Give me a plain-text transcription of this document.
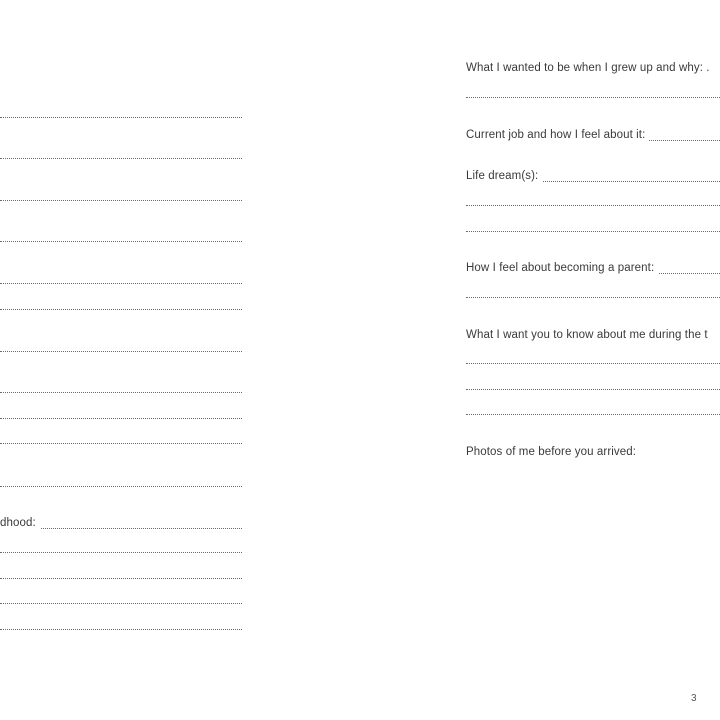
dhood:
What I wanted to be when I grew up and why: .
Current job and how I feel about it:
Life dream(s):
How I feel about becoming a parent:
What I want you to know about me during the t
Photos of me before you arrived:
3
